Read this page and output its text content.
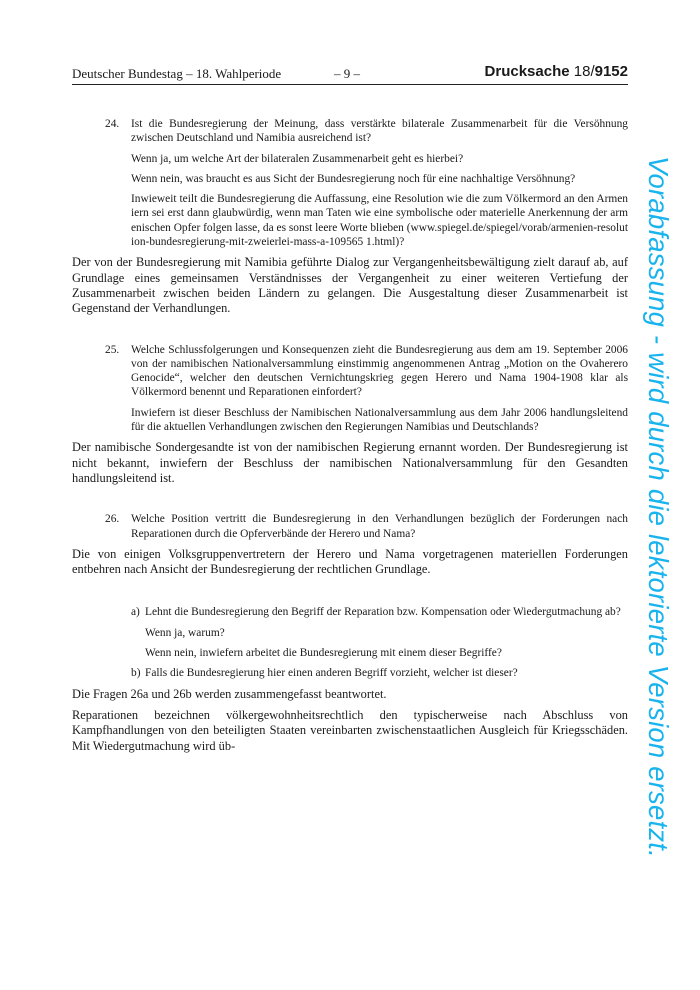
Deutscher Bundestag – 18. Wahlperiode	– 9 –	Drucksache 18/9152
24. Ist die Bundesregierung der Meinung, dass verstärkte bilaterale Zusammenarbeit für die Versöhnung zwischen Deutschland und Namibia ausreichend ist?

Wenn ja, um welche Art der bilateralen Zusammenarbeit geht es hierbei?

Wenn nein, was braucht es aus Sicht der Bundesregierung noch für eine nachhaltige Versöhnung?

Inwieweit teilt die Bundesregierung die Auffassung, eine Resolution wie die zum Völkermord an den Armeniern sei erst dann glaubwürdig, wenn man Taten wie eine symbolische oder materielle Anerkennung der armenischen Opfer folgen lasse, da es sonst leere Worte blieben (www.spiegel.de/spiegel/vorab/armenien-resolution-bundesregierung-mit-zweierlei-mass-a-109565 1.html)?

Der von der Bundesregierung mit Namibia geführte Dialog zur Vergangenheitsbewältigung zielt darauf ab, auf Grundlage eines gemeinsamen Verständnisses der Vergangenheit zu einer weiteren Vertiefung der Zusammenarbeit zwischen beiden Ländern zu gelangen. Die Ausgestaltung dieser Zusammenarbeit ist Gegenstand der Verhandlungen.

25. Welche Schlussfolgerungen und Konsequenzen zieht die Bundesregierung aus dem am 19. September 2006 von der namibischen Nationalversammlung einstimmig angenommenen Antrag „Motion on the Ovaherero Genocide“, welcher den deutschen Vernichtungskrieg gegen Herero und Nama 1904-1908 klar als Völkermord benennt und Reparationen einfordert?

Inwiefern ist dieser Beschluss der Namibischen Nationalversammlung aus dem Jahr 2006 handlungsleitend für die aktuellen Verhandlungen zwischen den Regierungen Namibias und Deutschlands?

Der namibische Sondergesandte ist von der namibischen Regierung ernannt worden. Der Bundesregierung ist nicht bekannt, inwiefern der Beschluss der namibischen Nationalversammlung für den Gesandten handlungsleitend ist.

26. Welche Position vertritt die Bundesregierung in den Verhandlungen bezüglich der Forderungen nach Reparationen durch die Opferverbände der Herero und Nama?

Die von einigen Volksgruppenvertretern der Herero und Nama vorgetragenen materiellen Forderungen entbehren nach Ansicht der Bundesregierung der rechtlichen Grundlage.

a) Lehnt die Bundesregierung den Begriff der Reparation bzw. Kompensation oder Wiedergutmachung ab?

Wenn ja, warum?

Wenn nein, inwiefern arbeitet die Bundesregierung mit einem dieser Begriffe?

b) Falls die Bundesregierung hier einen anderen Begriff vorzieht, welcher ist dieser?

Die Fragen 26a und 26b werden zusammengefasst beantwortet.

Reparationen bezeichnen völkergewohnheitsrechtlich den typischerweise nach Abschluss von Kampfhandlungen von den beteiligten Staaten vereinbarten zwischenstaatlichen Ausgleich für Kriegsschäden. Mit Wiedergutmachung wird üb-	Vorabfassung - wird durch die lektorierte Version ersetzt.
